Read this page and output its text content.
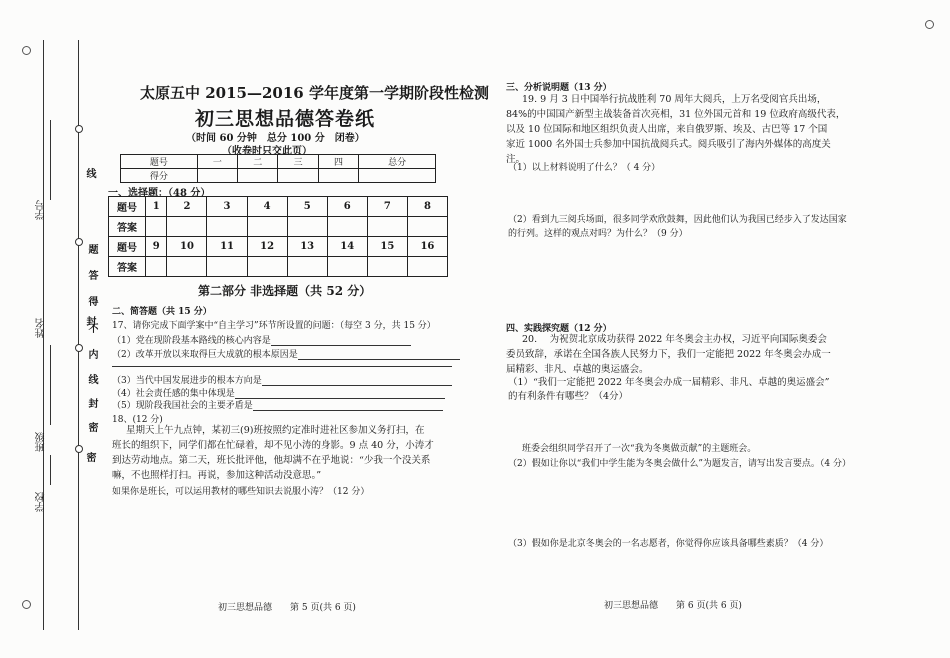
学号
姓名
班级
学校
线
题
答
得
封
不
内
线
封
密
密
太原五中 2015—2016 学年度第一学期阶段性检测
初三思想品德答卷纸
（时间 60 分钟　总分 100 分　闭卷）
（收卷时只交此页）
题号	一	二	三	四	总分
得分					
一、选择题：（48 分）
题号	1	2	3	4	5	6	7	8
答案								
题号	9	10	11	12	13	14	15	16
答案								
第二部分 非选择题（共 52 分）
二、简答题（共 15 分）
17、请你完成下面学案中“自主学习”环节所设置的问题：（每空 3 分，共 15 分）
（1）党在现阶段基本路线的核心内容是
（2）改革开放以来取得巨大成就的根本原因是
（3）当代中国发展进步的根本方向是
（4）社会责任感的集中体现是
（5）现阶段我国社会的主要矛盾是
18、(12 分)
星期天上午九点钟，某初三(9)班按照约定准时进社区参加义务打扫，在
班长的组织下，同学们都在忙碌着，却不见小涛的身影。9 点 40 分，小涛才
到达劳动地点。第二天，班长批评他，他却满不在乎地说：“少我一个没关系
嘛，不也照样打扫。再说，参加这种活动没意思。”
如果你是班长，可以运用教材的哪些知识去说服小涛？（12 分）
初三思想品德 第 5 页(共 6 页)
三、分析说明题（13 分）
19. 9 月 3 日中国举行抗战胜利 70 周年大阅兵，上万名受阅官兵出场，
84%的中国国产新型主战装备首次亮相，31 位外国元首和 19 位政府高级代表，
以及 10 位国际和地区组织负责人出席，来自俄罗斯、埃及、古巴等 17 个国
家近 1000 名外国士兵参加中国抗战阅兵式。阅兵吸引了海内外媒体的高度关
注。
（1）以上材料说明了什么？（ 4 分）
（2）看到九三阅兵场面，很多同学欢欣鼓舞，因此他们认为我国已经步入了发达国家
的行列。这样的观点对吗？为什么？（9 分）
四、实践探究题（12 分）
20.　 为祝贺北京成功获得 2022 年冬奥会主办权，习近平向国际奥委会
委员致辞，承诺在全国各族人民努力下，我们一定能把 2022 年冬奥会办成一
届精彩、非凡、卓越的奥运盛会。
（1）“我们一定能把 2022 年冬奥会办成一届精彩、非凡、卓越的奥运盛会”
的有利条件有哪些？（4分）
班委会组织同学召开了一次“我为冬奥做贡献”的主题班会。
（2）假如让你以“我们中学生能为冬奥会做什么”为题发言，请写出发言要点。（4 分）
（3）假如你是北京冬奥会的一名志愿者，你觉得你应该具备哪些素质？（4 分）
初三思想品德 第 6 页(共 6 页)
